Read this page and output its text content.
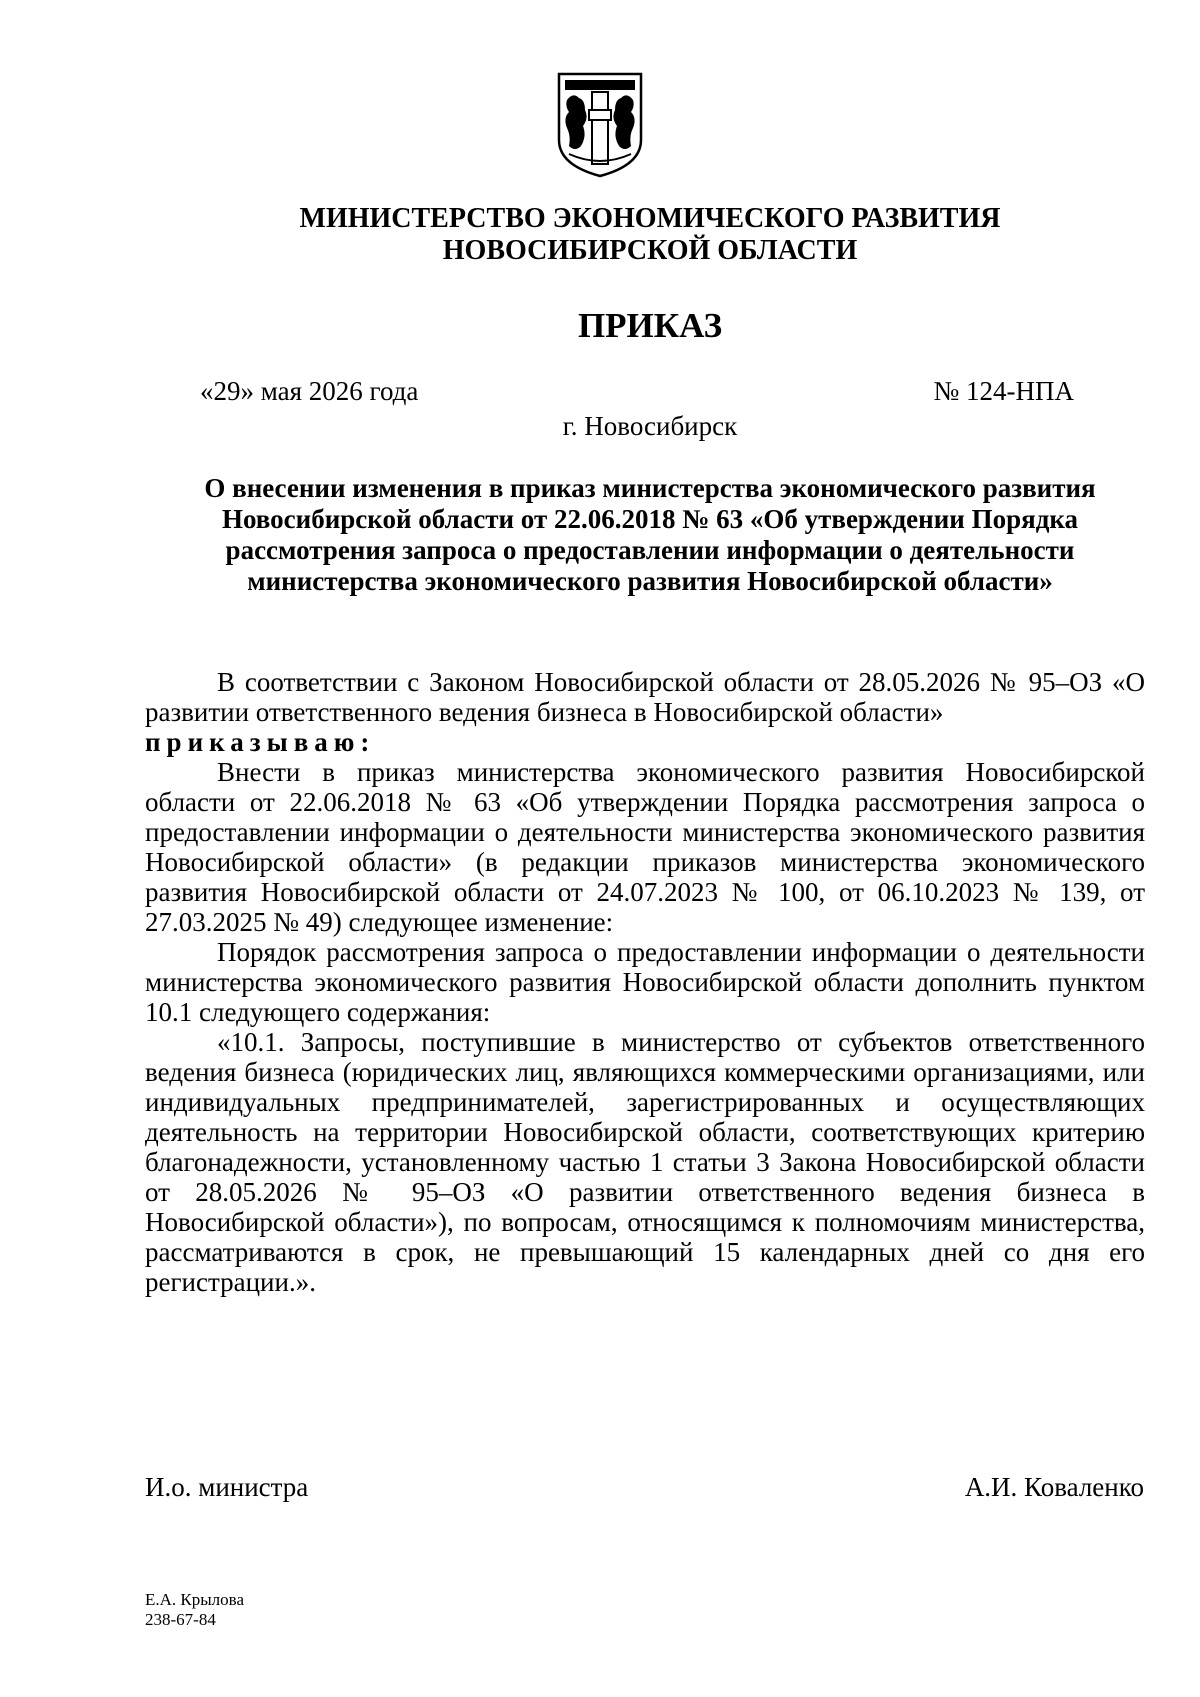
МИНИСТЕРСТВО ЭКОНОМИЧЕСКОГО РАЗВИТИЯ
НОВОСИБИРСКОЙ ОБЛАСТИ
ПРИКАЗ
«29» мая 2026 года	№ 124-НПА
г. Новосибирск
О внесении изменения в приказ министерства экономического развития
Новосибирской области от 22.06.2018 № 63 «Об утверждении Порядка
рассмотрения запроса о предоставлении информации о деятельности
министерства экономического развития Новосибирской области»

В соответствии с Законом Новосибирской области от 28.05.2026 № 95–ОЗ «О развитии ответственного ведения бизнеса в Новосибирской области»

приказываю:

Внести в приказ министерства экономического развития Новосибирской области от 22.06.2018 № 63 «Об утверждении Порядка рассмотрения запроса о предоставлении информации о деятельности министерства экономического развития Новосибирской области» (в редакции приказов министерства экономического развития Новосибирской области от 24.07.2023 № 100, от 06.10.2023 № 139, от 27.03.2025 № 49) следующее изменение:

Порядок рассмотрения запроса о предоставлении информации о деятельности министерства экономического развития Новосибирской области дополнить пунктом 10.1 следующего содержания:

«10.1. Запросы, поступившие в министерство от субъектов ответственного ведения бизнеса (юридических лиц, являющихся коммерческими организациями, или индивидуальных предпринимателей, зарегистрированных и осуществляющих деятельность на территории Новосибирской области, соответствующих критерию благонадежности, установленному частью 1 статьи 3 Закона Новосибирской области от 28.05.2026 № 95–ОЗ «О развитии ответственного ведения бизнеса в Новосибирской области»), по вопросам, относящимся к полномочиям министерства, рассматриваются в срок, не превышающий 15 календарных дней со дня его регистрации.».

И.о. министра	А.И. Коваленко
Е.А. Крылова
238-67-84
